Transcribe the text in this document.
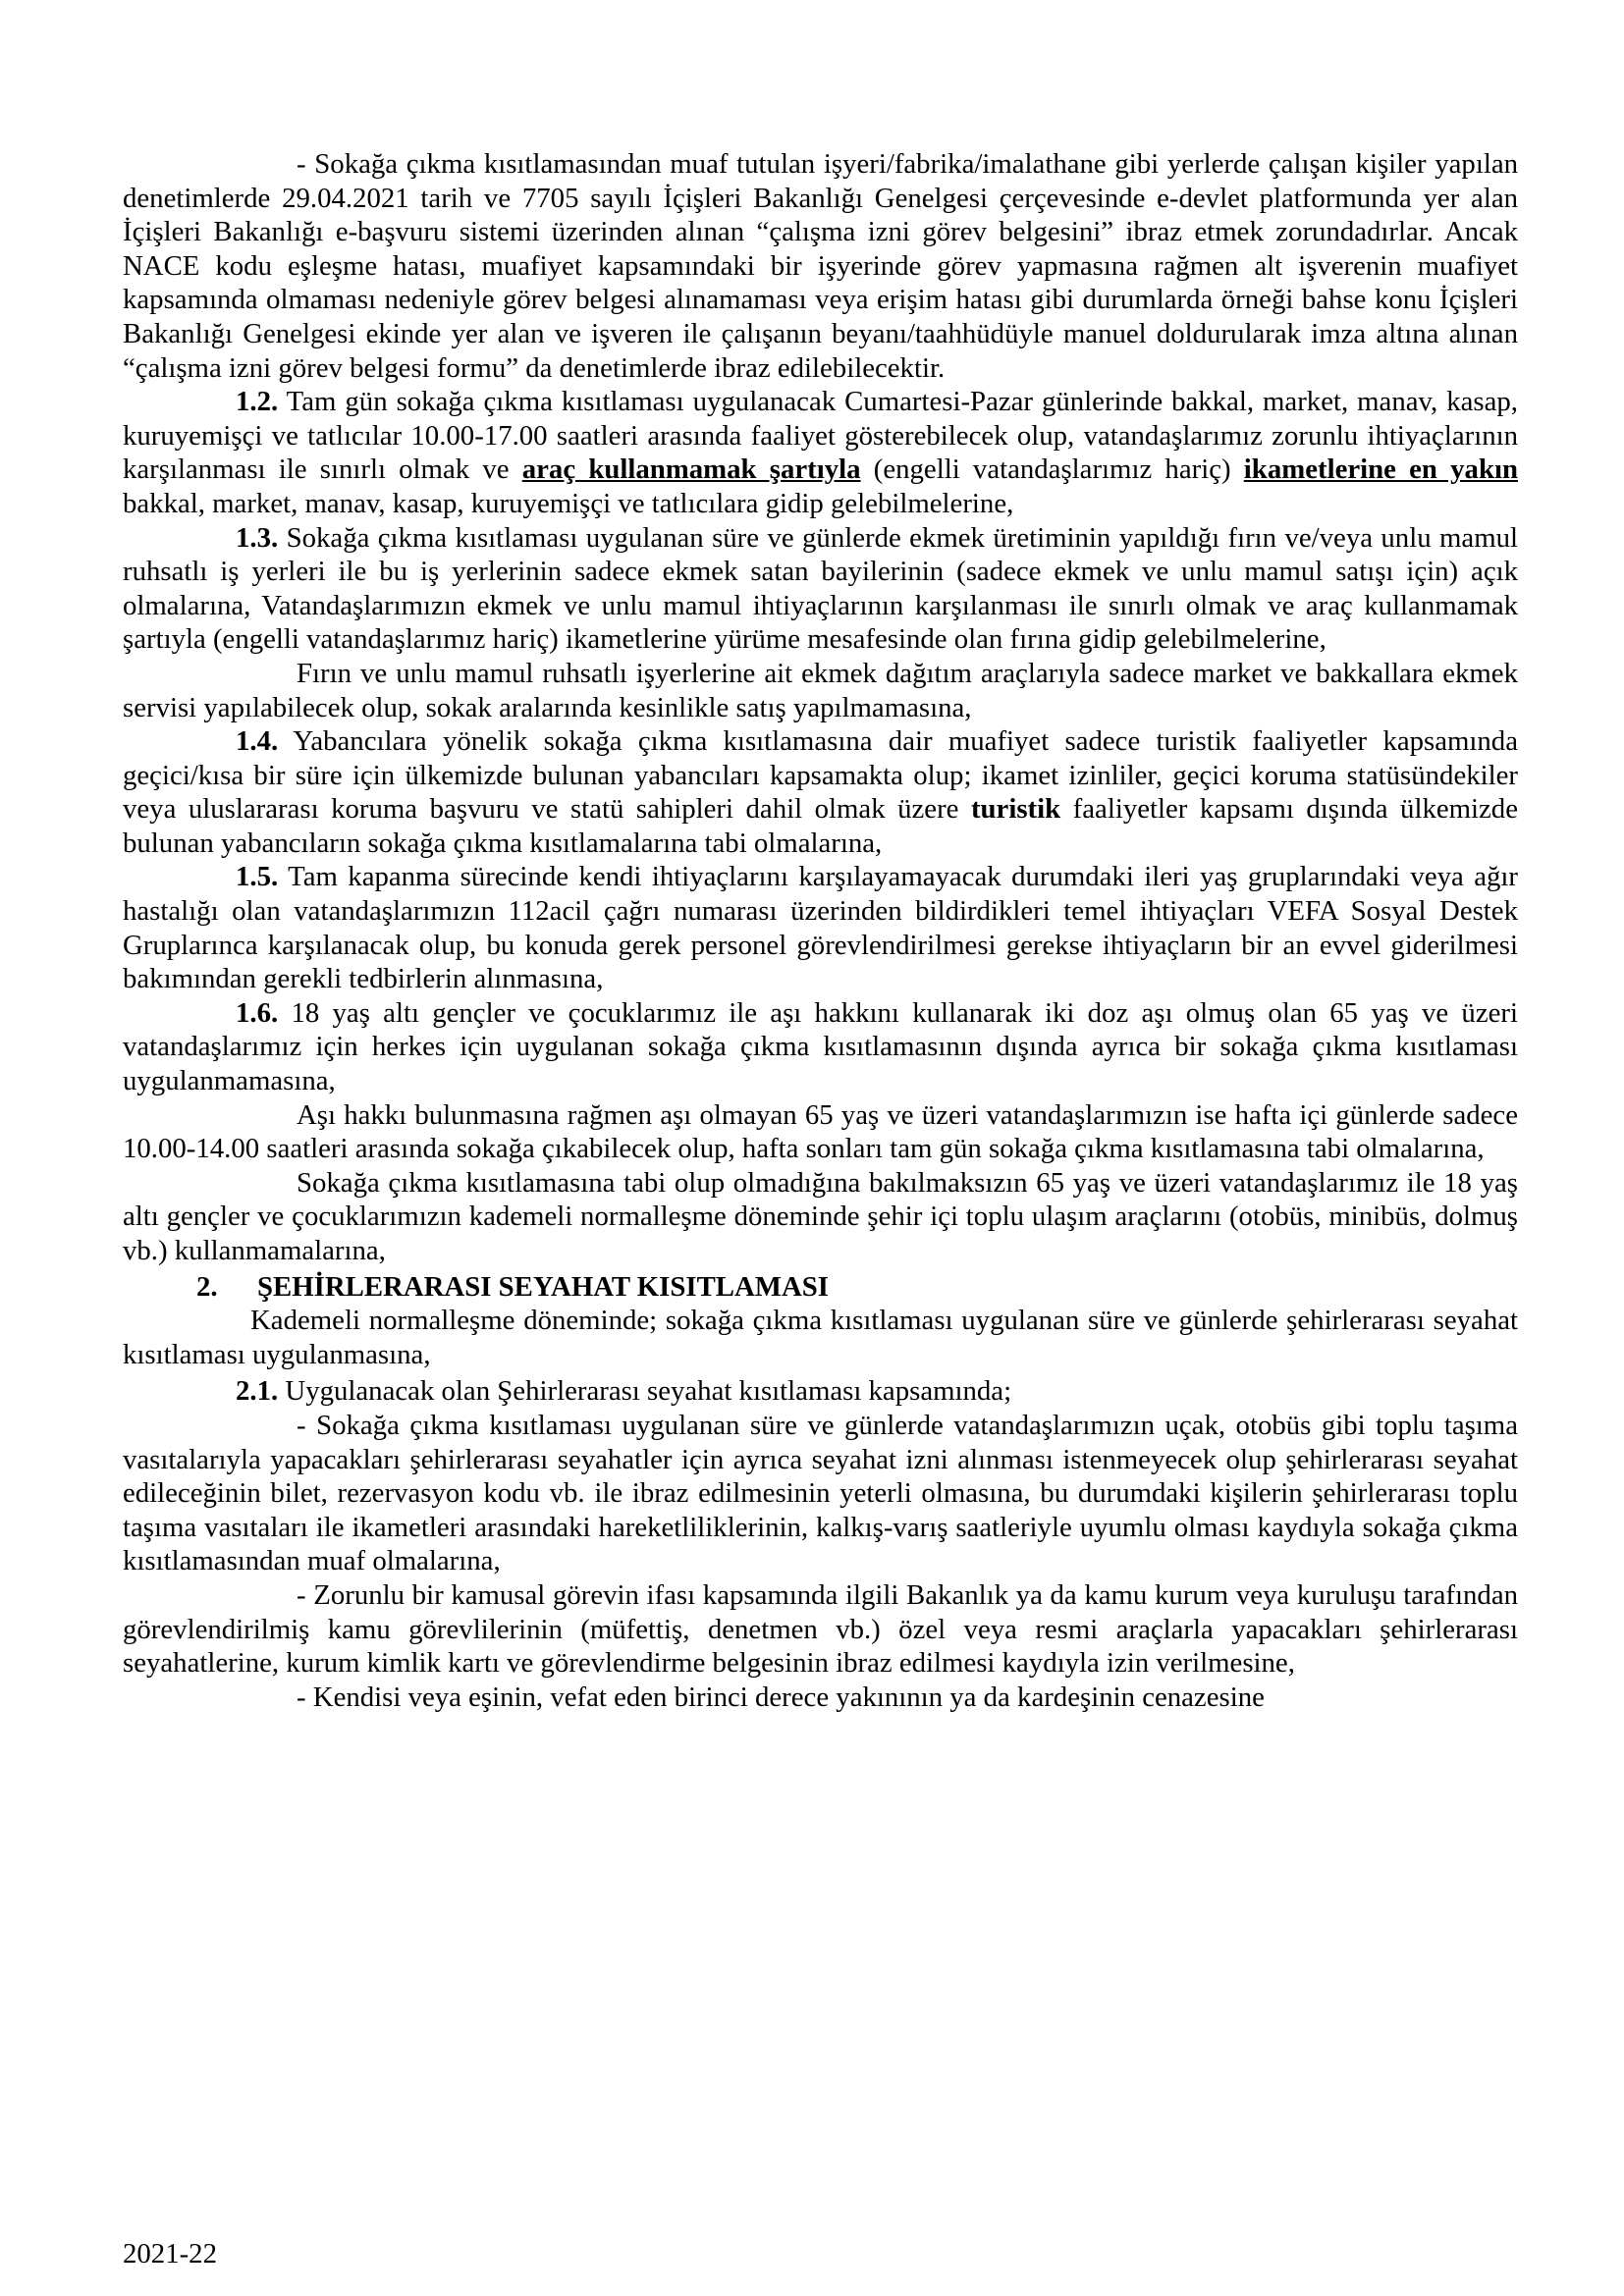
- Sokağa çıkma kısıtlamasından muaf tutulan işyeri/fabrika/imalathane gibi yerlerde çalışan kişiler yapılan denetimlerde 29.04.2021 tarih ve 7705 sayılı İçişleri Bakanlığı Genelgesi çerçevesinde e-devlet platformunda yer alan İçişleri Bakanlığı e-başvuru sistemi üzerinden alınan “çalışma izni görev belgesini” ibraz etmek zorundadırlar. Ancak NACE kodu eşleşme hatası, muafiyet kapsamındaki bir işyerinde görev yapmasına rağmen alt işverenin muafiyet kapsamında olmaması nedeniyle görev belgesi alınamaması veya erişim hatası gibi durumlarda örneği bahse konu İçişleri Bakanlığı Genelgesi ekinde yer alan ve işveren ile çalışanın beyanı/taahhüdüyle manuel doldurularak imza altına alınan “çalışma izni görev belgesi formu” da denetimlerde ibraz edilebilecektir.

1.2. Tam gün sokağa çıkma kısıtlaması uygulanacak Cumartesi-Pazar günlerinde bakkal, market, manav, kasap, kuruyemişçi ve tatlıcılar 10.00-17.00 saatleri arasında faaliyet gösterebilecek olup, vatandaşlarımız zorunlu ihtiyaçlarının karşılanması ile sınırlı olmak ve araç kullanmamak şartıyla (engelli vatandaşlarımız hariç) ikametlerine en yakın bakkal, market, manav, kasap, kuruyemişçi ve tatlıcılara gidip gelebilmelerine,

1.3. Sokağa çıkma kısıtlaması uygulanan süre ve günlerde ekmek üretiminin yapıldığı fırın ve/veya unlu mamul ruhsatlı iş yerleri ile bu iş yerlerinin sadece ekmek satan bayilerinin (sadece ekmek ve unlu mamul satışı için) açık olmalarına, Vatandaşlarımızın ekmek ve unlu mamul ihtiyaçlarının karşılanması ile sınırlı olmak ve araç kullanmamak şartıyla (engelli vatandaşlarımız hariç) ikametlerine yürüme mesafesinde olan fırına gidip gelebilmelerine,

Fırın ve unlu mamul ruhsatlı işyerlerine ait ekmek dağıtım araçlarıyla sadece market ve bakkallara ekmek servisi yapılabilecek olup, sokak aralarında kesinlikle satış yapılmamasına,

1.4. Yabancılara yönelik sokağa çıkma kısıtlamasına dair muafiyet sadece turistik faaliyetler kapsamında geçici/kısa bir süre için ülkemizde bulunan yabancıları kapsamakta olup; ikamet izinliler, geçici koruma statüsündekiler veya uluslararası koruma başvuru ve statü sahipleri dahil olmak üzere turistik faaliyetler kapsamı dışında ülkemizde bulunan yabancıların sokağa çıkma kısıtlamalarına tabi olmalarına,

1.5. Tam kapanma sürecinde kendi ihtiyaçlarını karşılayamayacak durumdaki ileri yaş gruplarındaki veya ağır hastalığı olan vatandaşlarımızın 112acil çağrı numarası üzerinden bildirdikleri temel ihtiyaçları VEFA Sosyal Destek Gruplarınca karşılanacak olup, bu konuda gerek personel görevlendirilmesi gerekse ihtiyaçların bir an evvel giderilmesi bakımından gerekli tedbirlerin alınmasına,

1.6. 18 yaş altı gençler ve çocuklarımız ile aşı hakkını kullanarak iki doz aşı olmuş olan 65 yaş ve üzeri vatandaşlarımız için herkes için uygulanan sokağa çıkma kısıtlamasının dışında ayrıca bir sokağa çıkma kısıtlaması uygulanmamasına,

Aşı hakkı bulunmasına rağmen aşı olmayan 65 yaş ve üzeri vatandaşlarımızın ise hafta içi günlerde sadece 10.00-14.00 saatleri arasında sokağa çıkabilecek olup, hafta sonları tam gün sokağa çıkma kısıtlamasına tabi olmalarına,

Sokağa çıkma kısıtlamasına tabi olup olmadığına bakılmaksızın 65 yaş ve üzeri vatandaşlarımız ile 18 yaş altı gençler ve çocuklarımızın kademeli normalleşme döneminde şehir içi toplu ulaşım araçlarını (otobüs, minibüs, dolmuş vb.) kullanmamalarına,

2. ŞEHİRLERARASI SEYAHAT KISITLAMASI

Kademeli normalleşme döneminde; sokağa çıkma kısıtlaması uygulanan süre ve günlerde şehirlerarası seyahat kısıtlaması uygulanmasına,

2.1. Uygulanacak olan Şehirlerarası seyahat kısıtlaması kapsamında;

- Sokağa çıkma kısıtlaması uygulanan süre ve günlerde vatandaşlarımızın uçak, otobüs gibi toplu taşıma vasıtalarıyla yapacakları şehirlerarası seyahatler için ayrıca seyahat izni alınması istenmeyecek olup şehirlerarası seyahat edileceğinin bilet, rezervasyon kodu vb. ile ibraz edilmesinin yeterli olmasına, bu durumdaki kişilerin şehirlerarası toplu taşıma vasıtaları ile ikametleri arasındaki hareketliliklerinin, kalkış-varış saatleriyle uyumlu olması kaydıyla sokağa çıkma kısıtlamasından muaf olmalarına,

- Zorunlu bir kamusal görevin ifası kapsamında ilgili Bakanlık ya da kamu kurum veya kuruluşu tarafından görevlendirilmiş kamu görevlilerinin (müfettiş, denetmen vb.) özel veya resmi araçlarla yapacakları şehirlerarası seyahatlerine, kurum kimlik kartı ve görevlendirme belgesinin ibraz edilmesi kaydıyla izin verilmesine,

- Kendisi veya eşinin, vefat eden birinci derece yakınının ya da kardeşinin cenazesine

2021-22
